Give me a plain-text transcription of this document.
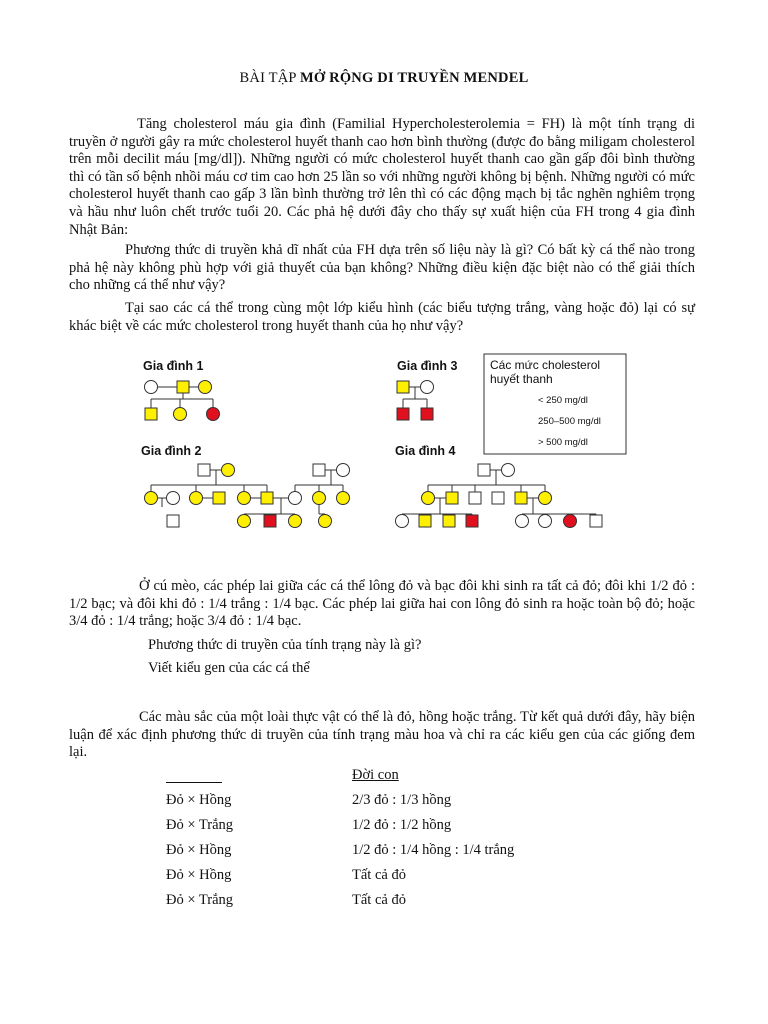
BÀI TẬP MỞ RỘNG DI TRUYỀN MENDEL
Tăng cholesterol máu gia đình (Familial Hypercholesterolemia = FH) là một tính trạng di truyền ở người gây ra mức cholesterol huyết thanh cao hơn bình thường (được đo bằng miligam cholesterol trên mỗi decilit máu [mg/dl]). Những người có mức cholesterol huyết thanh cao gần gấp đôi bình thường thì có tần số bệnh nhồi máu cơ tim cao hơn 25 lần so với những người không bị bệnh. Những người có mức cholesterol huyết thanh cao gấp 3 lần bình thường trở lên thì có các động mạch bị tắc nghẽn nghiêm trọng và hầu như luôn chết trước tuổi 20. Các phả hệ dưới đây cho thấy sự xuất hiện của FH trong 4 gia đình Nhật Bản:
Phương thức di truyền khả dĩ nhất của FH dựa trên số liệu này là gì? Có bất kỳ cá thể nào trong phả hệ này không phù hợp với giả thuyết của bạn không? Những điều kiện đặc biệt nào có thể giải thích cho những cá thể như vậy?
Tại sao các cá thể trong cùng một lớp kiểu hình (các biểu tượng trắng, vàng hoặc đỏ) lại có sự khác biệt về các mức cholesterol trong huyết thanh của họ như vậy?
Gia đình 1
Gia đình 2
Gia đình 3
Gia đình 4
Các mức cholesterol
huyết thanh
< 250 mg/dl
250–500 mg/dl
> 500 mg/dl
Ở cú mèo, các phép lai giữa các cá thể lông đỏ và bạc đôi khi sinh ra tất cả đỏ; đôi khi 1/2 đỏ : 1/2 bạc; và đôi khi đỏ : 1/4 trắng : 1/4 bạc. Các phép lai giữa hai con lông đỏ sinh ra hoặc toàn bộ đỏ; hoặc 3/4 đỏ : 1/4 trắng; hoặc 3/4 đỏ : 1/4 bạc.
Phương thức di truyền của tính trạng này là gì?
Viết kiểu gen của các cá thể
Các màu sắc của một loài thực vật có thể là đỏ, hồng hoặc trắng. Từ kết quả dưới đây, hãy biện luận để xác định phương thức di truyền của tính trạng màu hoa và chỉ ra các kiểu gen của các giống đem lại.
Đời con
Đỏ × Hồng	2/3 đỏ : 1/3 hồng
Đỏ × Trắng	1/2 đỏ : 1/2 hồng
Đỏ × Hồng	1/2 đỏ : 1/4 hồng : 1/4 trắng
Đỏ × Hồng	Tất cả đỏ
Đỏ × Trắng	Tất cả đỏ
